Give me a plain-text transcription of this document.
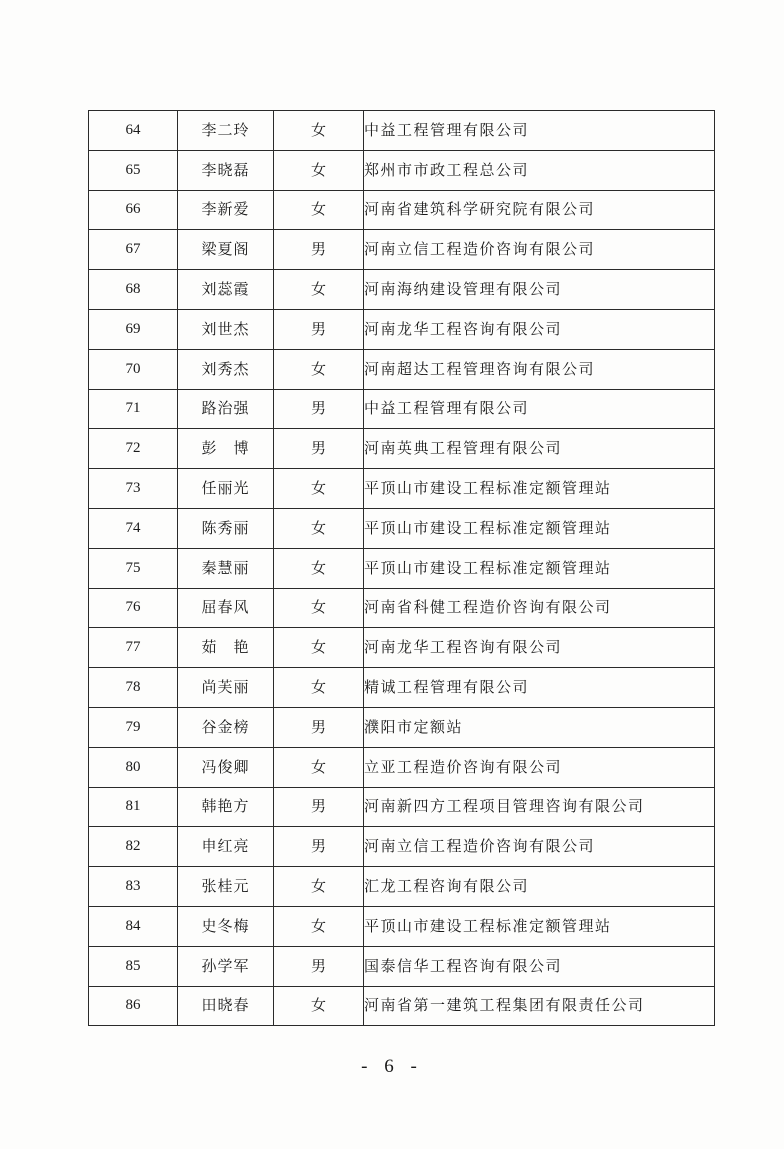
64	李二玲	女	中益工程管理有限公司
65	李晓磊	女	郑州市市政工程总公司
66	李新爱	女	河南省建筑科学研究院有限公司
67	梁夏阁	男	河南立信工程造价咨询有限公司
68	刘蕊霞	女	河南海纳建设管理有限公司
69	刘世杰	男	河南龙华工程咨询有限公司
70	刘秀杰	女	河南超达工程管理咨询有限公司
71	路治强	男	中益工程管理有限公司
72	彭　博	男	河南英典工程管理有限公司
73	任丽光	女	平顶山市建设工程标准定额管理站
74	陈秀丽	女	平顶山市建设工程标准定额管理站
75	秦慧丽	女	平顶山市建设工程标准定额管理站
76	屈春风	女	河南省科健工程造价咨询有限公司
77	茹　艳	女	河南龙华工程咨询有限公司
78	尚芙丽	女	精诚工程管理有限公司
79	谷金榜	男	濮阳市定额站
80	冯俊卿	女	立亚工程造价咨询有限公司
81	韩艳方	男	河南新四方工程项目管理咨询有限公司
82	申红亮	男	河南立信工程造价咨询有限公司
83	张桂元	女	汇龙工程咨询有限公司
84	史冬梅	女	平顶山市建设工程标准定额管理站
85	孙学军	男	国泰信华工程咨询有限公司
86	田晓春	女	河南省第一建筑工程集团有限责任公司
- 6 -
